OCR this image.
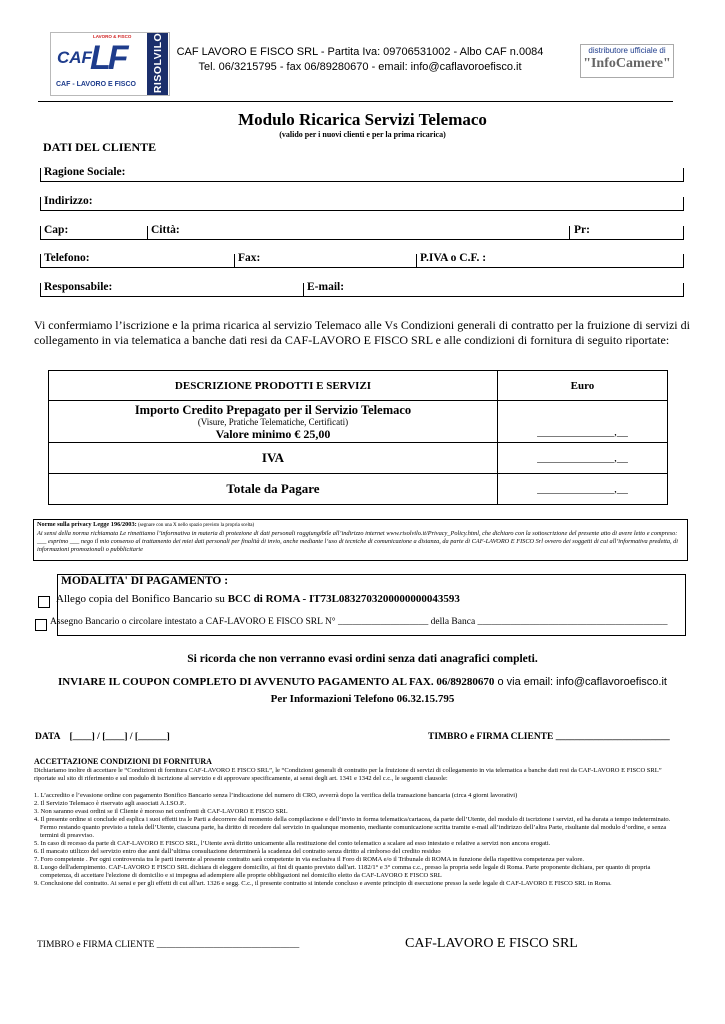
LAVORO & FISCO
CAF
LF
CAF - LAVORO E FISCO RISOLVILO	CAF LAVORO E FISCO SRL - Partita Iva: 09706531002 - Albo CAF n.0084
Tel. 06/3215795 - fax 06/89280670 - email: info@caflavoroefisco.it
distributore ufficiale di
"InfoCamere"
Modulo Ricarica Servizi Telemaco
(valido per i nuovi clienti e per la prima ricarica)
DATI DEL CLIENTE
Ragione Sociale:
Indirizzo:
Cap:	Città:	Pr:
Telefono:	Fax:	P.IVA o C.F. :
Responsabile:	E-mail:
Vi confermiamo l’iscrizione e la prima ricarica al servizio Telemaco alle Vs Condizioni generali di contratto per la fruizione di servizi di collegamento in via telematica a banche dati resi da CAF-LAVORO E FISCO SRL e alle condizioni di fornitura di seguito riportate:
DESCRIZIONE PRODOTTI E SERVIZI	Euro

Importo Credito Prepagato per il Servizio Telemaco
(Visure, Pratiche Telematiche, Certificati)
Valore minimo € 25,00	______________,__
IVA	______________,__
Totale da Pagare	______________,__
Norme sulla privacy Legge 196/2003: (segnare con una X nello spazio previsto la propria scelta)
Ai sensi della norma richiamata Le rimettiamo l’informativa in materia di protezione di dati personali raggiungibile all’indirizzo internet www.risolvilo.it/Privacy_Policy.html, che dichiaro con la sottoscrizione del presente atto di avere letto e compreso:
___ esprimo ___ nego il mio consenso al trattamento dei miei dati personali per finalità di invio, anche mediante l’uso di tecniche di comunicazione a distanza, da parte di CAF-LAVORO E FISCO Srl ovvero dei soggetti di cui all’informativa predetta, di informazioni promozionali o pubblicitarie
MODALITA' DI PAGAMENTO :
Allego copia del Bonifico Bancario su BCC di ROMA - IT73L0832703200000000043593
Assegno Bancario o circolare intestato a CAF-LAVORO E FISCO SRL N° ___________________ della Banca ________________________________________
Si ricorda che non verranno evasi ordini senza dati anagrafici completi.
INVIARE IL COUPON COMPLETO DI AVVENUTO PAGAMENTO AL FAX. 06/89280670 o via email: info@caflavoroefisco.it
Per Informazioni Telefono 06.32.15.795
DATA    [____] / [____] / [______]	TIMBRO e FIRMA CLIENTE ________________________
ACCETTAZIONE CONDIZIONI DI FORNITURA
Dichiariamo inoltre di accettare le “Condizioni di fornitura CAF-LAVORO E FISCO SRL”, le “Condizioni generali di contratto per la fruizione di servizi di collegamento in via telematica a banche dati resi da CAF-LAVORO E FISCO SRL” riportate sul sito di riferimento e sul modulo di iscrizione al servizio e di approvare specificamente, ai sensi degli art. 1341 e 1342 del c.c., le seguenti clausole:
1. L’accredito e l’evasione ordine con pagamento Bonifico Bancario senza l’indicazione del numero di CRO, avverrà dopo la verifica della transazione bancaria (circa 4 giorni lavorativi)
2. Il Servizio Telemaco è riservato agli associati A.I.SO.P..
3. Non saranno evasi ordini se il Cliente è moroso nei confronti di CAF-LAVORO E FISCO SRL
4. Il presente ordine si conclude ed esplica i suoi effetti tra le Parti a decorrere dal momento della compilazione e dell’invio in forma telematica/cartacea, da parte dell’Utente, del modulo di iscrizione i servizi, ed ha durata a tempo indeterminato. Fermo restando quanto previsto a tutela dell’Utente, ciascuna parte, ha diritto di recedere dal servizio in qualunque momento, mediante comunicazione scritta tramite e-mail all’indirizzo dell’altra Parte, risultante dal modulo d’ordine, e senza termini di preavviso.
5. In caso di recesso da parte di CAF-LAVORO E FISCO SRL, l’Utente avrà diritto unicamente alla restituzione del conto telematico a scalare ad esso intestato e relative a servizi non ancora erogati.
6. Il mancato utilizzo del servizio entro due anni dall’ultima consultazione determinerà la scadenza del contratto senza diritto al rimborso del credito residuo
7. Foro competente . Per ogni controversia tra le parti inerente al presente contratto sarà competente in via esclusiva il Foro di ROMA e/o il Tribunale di ROMA in funzione della rispettiva competenza per valore.
8. Luogo dell'adempimento. CAF-LAVORO E FISCO SRL dichiara di eleggere domicilio, ai fini di quanto previsto dall'art. 1182/1° e 3° comma c.c., presso la propria sede legale di Roma. Parte proponente dichiara, per quanto di propria competenza, di accettare l'elezione di domicilio e si impegna ad adempiere alle proprie obbligazioni nel domicilio eletto da CAF-LAVORO E FISCO SRL
9. Conclusione del contratto. Ai sensi e per gli effetti di cui all'art. 1326 e segg. C.c., il presente contratto si intende concluso e avente principio di esecuzione presso la sede legale di CAF-LAVORO E FISCO SRL in Roma.
TIMBRO e FIRMA CLIENTE ______________________________	CAF-LAVORO E FISCO SRL
